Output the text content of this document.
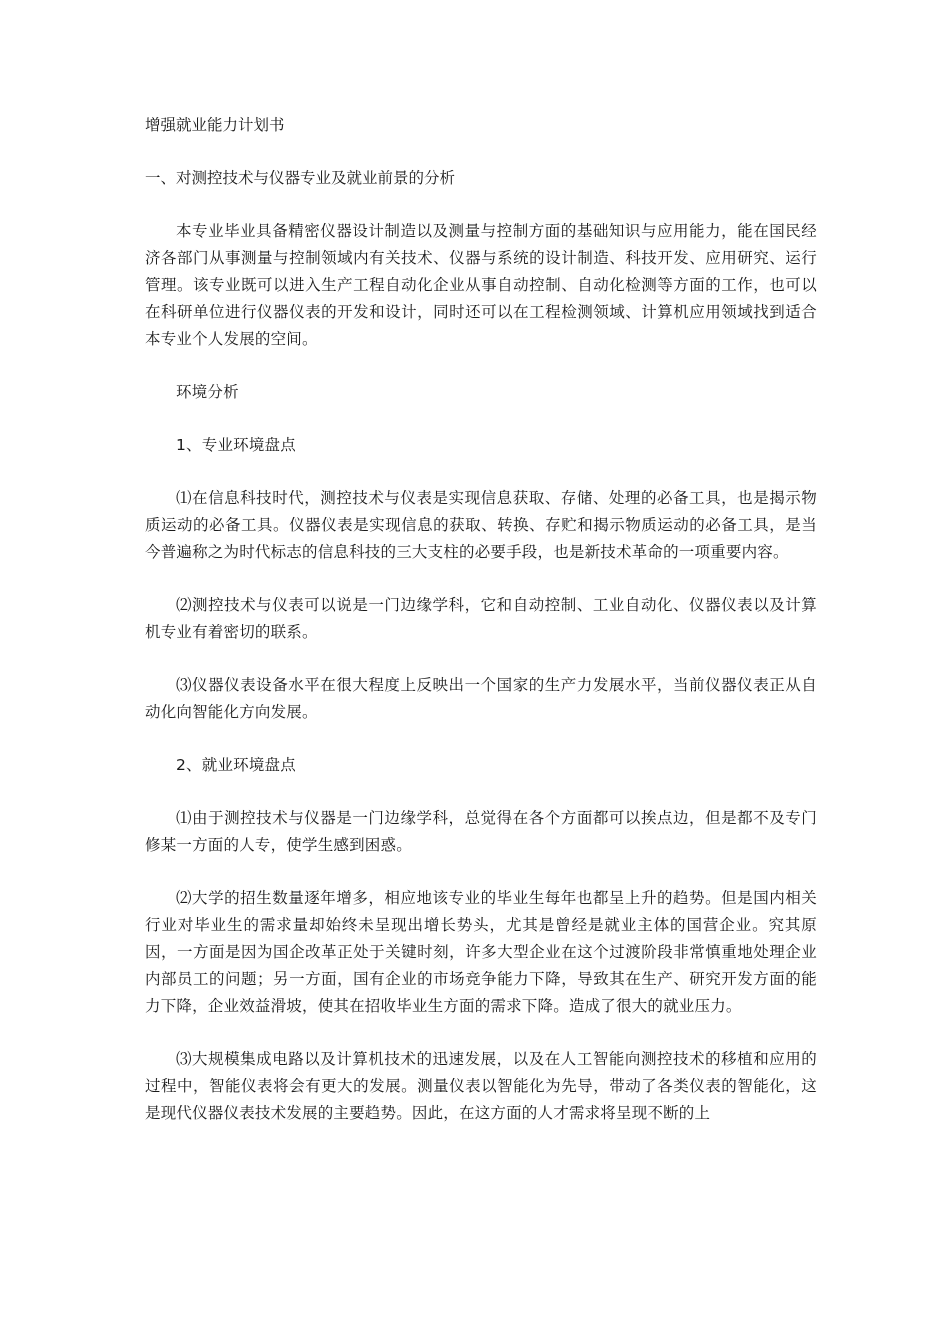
增强就业能力计划书
一、对测控技术与仪器专业及就业前景的分析

本专业毕业具备精密仪器设计制造以及测量与控制方面的基础知识与应用能力，能在国民经济各部门从事测量与控制领域内有关技术、仪器与系统的设计制造、科技开发、应用研究、运行管理。该专业既可以进入生产工程自动化企业从事自动控制、自动化检测等方面的工作，也可以在科研单位进行仪器仪表的开发和设计，同时还可以在工程检测领域、计算机应用领域找到适合本专业个人发展的空间。

环境分析

1、专业环境盘点

⑴在信息科技时代，测控技术与仪表是实现信息获取、存储、处理的必备工具，也是揭示物质运动的必备工具。仪器仪表是实现信息的获取、转换、存贮和揭示物质运动的必备工具，是当今普遍称之为时代标志的信息科技的三大支柱的必要手段，也是新技术革命的一项重要内容。

⑵测控技术与仪表可以说是一门边缘学科，它和自动控制、工业自动化、仪器仪表以及计算机专业有着密切的联系。

⑶仪器仪表设备水平在很大程度上反映出一个国家的生产力发展水平，当前仪器仪表正从自动化向智能化方向发展。

2、就业环境盘点

⑴由于测控技术与仪器是一门边缘学科，总觉得在各个方面都可以挨点边，但是都不及专门修某一方面的人专，使学生感到困惑。

⑵大学的招生数量逐年增多，相应地该专业的毕业生每年也都呈上升的趋势。但是国内相关行业对毕业生的需求量却始终未呈现出增长势头，尤其是曾经是就业主体的国营企业。究其原因，一方面是因为国企改革正处于关键时刻，许多大型企业在这个过渡阶段非常慎重地处理企业内部员工的问题；另一方面，国有企业的市场竞争能力下降，导致其在生产、研究开发方面的能力下降，企业效益滑坡，使其在招收毕业生方面的需求下降。造成了很大的就业压力。

⑶大规模集成电路以及计算机技术的迅速发展，以及在人工智能向测控技术的移植和应用的过程中，智能仪表将会有更大的发展。测量仪表以智能化为先导，带动了各类仪表的智能化，这是现代仪器仪表技术发展的主要趋势。因此，在这方面的人才需求将呈现不断的上
